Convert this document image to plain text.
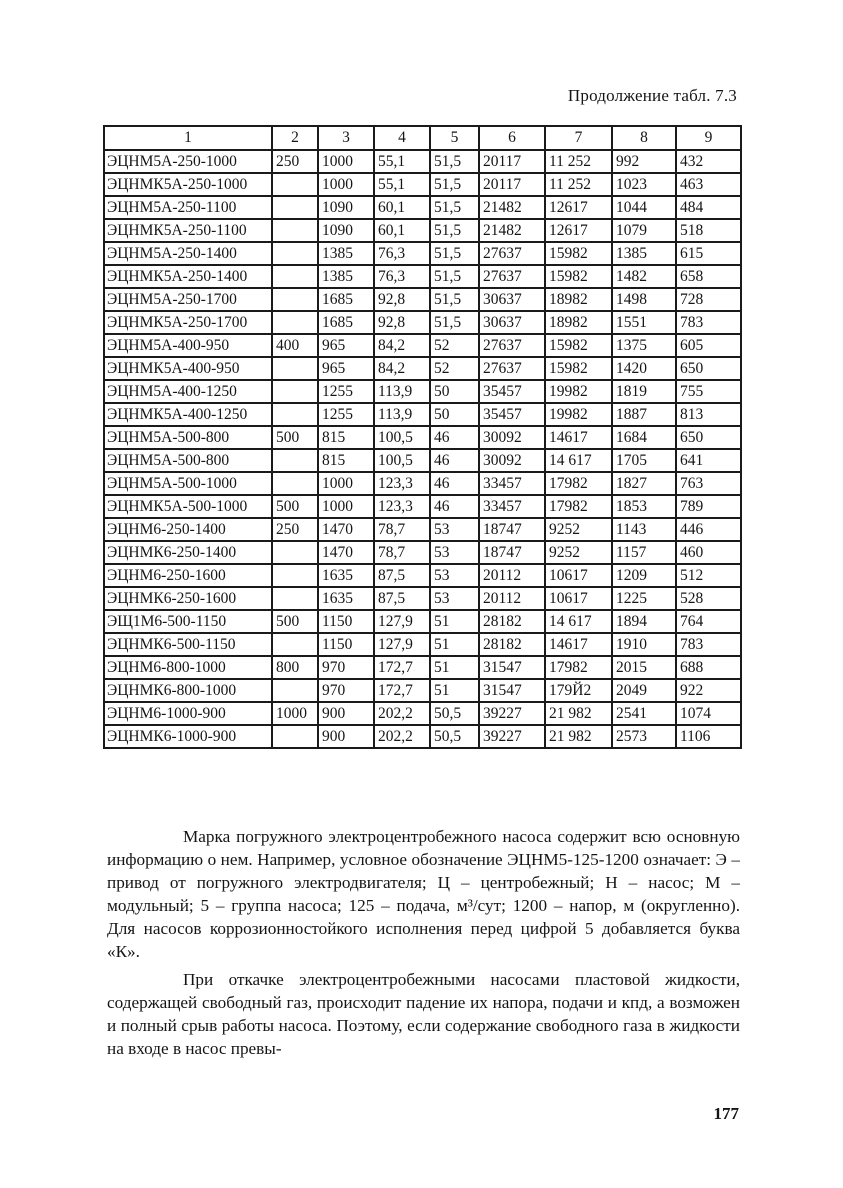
Продолжение табл. 7.3
1	2	3	4	5	6	7	8	9
ЭЦНМ5А-250-1000	250	1000	55,1	51,5	20117	11 252	992	432
ЭЦНМК5А-250-1000		1000	55,1	51,5	20117	11 252	1023	463
ЭЦНМ5А-250-1100		1090	60,1	51,5	21482	12617	1044	484
ЭЦНМК5А-250-1100		1090	60,1	51,5	21482	12617	1079	518
ЭЦНМ5А-250-1400		1385	76,3	51,5	27637	15982	1385	615
ЭЦНМК5А-250-1400		1385	76,3	51,5	27637	15982	1482	658
ЭЦНМ5А-250-1700		1685	92,8	51,5	30637	18982	1498	728
ЭЦНМК5А-250-1700		1685	92,8	51,5	30637	18982	1551	783
ЭЦНМ5А-400-950	400	965	84,2	52	27637	15982	1375	605
ЭЦНМК5А-400-950		965	84,2	52	27637	15982	1420	650
ЭЦНМ5А-400-1250		1255	113,9	50	35457	19982	1819	755
ЭЦНМК5А-400-1250		1255	113,9	50	35457	19982	1887	813
ЭЦНМ5А-500-800	500	815	100,5	46	30092	14617	1684	650
ЭЦНМ5А-500-800		815	100,5	46	30092	14 617	1705	641
ЭЦНМ5А-500-1000		1000	123,3	46	33457	17982	1827	763
ЭЦНМК5А-500-1000	500	1000	123,3	46	33457	17982	1853	789
ЭЦНМ6-250-1400	250	1470	78,7	53	18747	9252	1143	446
ЭЦНМК6-250-1400		1470	78,7	53	18747	9252	1157	460
ЭЦНМ6-250-1600		1635	87,5	53	20112	10617	1209	512
ЭЦНМК6-250-1600		1635	87,5	53	20112	10617	1225	528
ЭЩ1М6-500-1150	500	1150	127,9	51	28182	14 617	1894	764
ЭЦНМК6-500-1150		1150	127,9	51	28182	14617	1910	783
ЭЦНМ6-800-1000	800	970	172,7	51	31547	17982	2015	688
ЭЦНМК6-800-1000		970	172,7	51	31547	179Й2	2049	922
ЭЦНМ6-1000-900	1000	900	202,2	50,5	39227	21 982	2541	1074
ЭЦНМК6-1000-900		900	202,2	50,5	39227	21 982	2573	1106

Марка погружного электроцентробежного насоса содержит всю основную информацию о нем. Например, условное обозначение ЭЦНМ5-125-1200 означает: Э – привод от погружного электродвигателя; Ц – центробежный; Н – насос; М – модульный; 5 – группа насоса; 125 – подача, м³/сут; 1200 – напор, м (округленно). Для насосов коррозионностойкого исполнения перед цифрой 5 добавляется буква «К».

При откачке электроцентробежными насосами пластовой жидкости, содержащей свободный газ, происходит падение их напора, подачи и кпд, а возможен и полный срыв работы насоса. Поэтому, если содержание свободного газа в жидкости на входе в насос превы-

177
